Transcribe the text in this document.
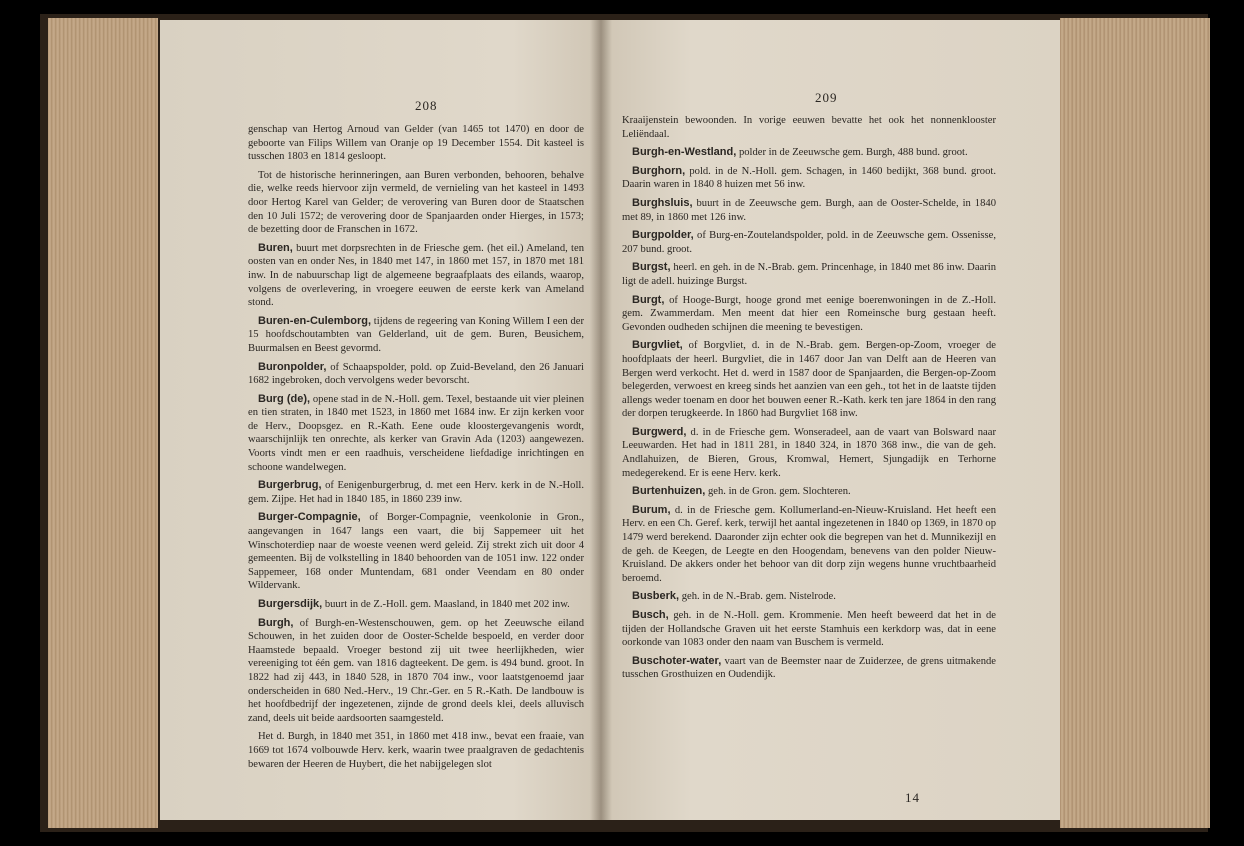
208

genschap van Hertog Arnoud van Gelder (van 1465 tot 1470) en door de geboorte van Filips Willem van Oranje op 19 December 1554. Dit kasteel is tusschen 1803 en 1814 gesloopt.

Tot de historische herinneringen, aan Buren verbonden, behooren, behalve die, welke reeds hiervoor zijn vermeld, de vernieling van het kasteel in 1493 door Hertog Karel van Gelder; de verovering van Buren door de Staatschen den 10 Juli 1572; de verovering door de Spanjaarden onder Hierges, in 1573; de bezetting door de Franschen in 1672.

Buren, buurt met dorpsrechten in de Friesche gem. (het eil.) Ameland, ten oosten van en onder Nes, in 1840 met 147, in 1860 met 157, in 1870 met 181 inw. In de nabuurschap ligt de algemeene begraafplaats des eilands, waarop, volgens de overlevering, in vroegere eeuwen de eerste kerk van Ameland stond.

Buren-en-Culemborg, tijdens de regeering van Koning Willem I een der 15 hoofdschoutambten van Gelderland, uit de gem. Buren, Beusichem, Buurmalsen en Beest gevormd.

Buronpolder, of Schaapspolder, pold. op Zuid-Beveland, den 26 Januari 1682 ingebroken, doch vervolgens weder bevorscht.

Burg (de), opene stad in de N.-Holl. gem. Texel, bestaande uit vier pleinen en tien straten, in 1840 met 1523, in 1860 met 1684 inw. Er zijn kerken voor de Herv., Doopsgez. en R.-Kath. Eene oude kloostergevangenis wordt, waarschijnlijk ten onrechte, als kerker van Gravin Ada (1203) aangewezen. Voorts vindt men er een raadhuis, verscheidene liefdadige inrichtingen en schoone wandelwegen.

Burgerbrug, of Eenigenburgerbrug, d. met een Herv. kerk in de N.-Holl. gem. Zijpe. Het had in 1840 185, in 1860 239 inw.

Burger-Compagnie, of Borger-Compagnie, veenkolonie in Gron., aangevangen in 1647 langs een vaart, die bij Sappemeer uit het Winschoterdiep naar de woeste veenen werd geleid. Zij strekt zich uit door 4 gemeenten. Bij de volkstelling in 1840 behoorden van de 1051 inw. 122 onder Sappemeer, 168 onder Muntendam, 681 onder Veendam en 80 onder Wildervank.

Burgersdijk, buurt in de Z.-Holl. gem. Maasland, in 1840 met 202 inw.

Burgh, of Burgh-en-Westenschouwen, gem. op het Zeeuwsche eiland Schouwen, in het zuiden door de Ooster-Schelde bespoeld, en verder door Haamstede bepaald. Vroeger bestond zij uit twee heerlijkheden, wier vereeniging tot één gem. van 1816 dagteekent. De gem. is 494 bund. groot. In 1822 had zij 443, in 1840 528, in 1870 704 inw., voor laatstgenoemd jaar onderscheiden in 680 Ned.-Herv., 19 Chr.-Ger. en 5 R.-Kath. De landbouw is het hoofdbedrijf der ingezetenen, zijnde de grond deels klei, deels alluvisch zand, deels uit beide aardsoorten saamgesteld.

Het d. Burgh, in 1840 met 351, in 1860 met 418 inw., bevat een fraaie, van 1669 tot 1674 volbouwde Herv. kerk, waarin twee praalgraven de gedachtenis bewaren der Heeren de Huybert, die het nabijgelegen slot

209

Kraaijenstein bewoonden. In vorige eeuwen bevatte het ook het nonnenklooster Leliëndaal.

Burgh-en-Westland, polder in de Zeeuwsche gem. Burgh, 488 bund. groot.

Burghorn, pold. in de N.-Holl. gem. Schagen, in 1460 bedijkt, 368 bund. groot. Daarin waren in 1840 8 huizen met 56 inw.

Burghsluis, buurt in de Zeeuwsche gem. Burgh, aan de Ooster-Schelde, in 1840 met 89, in 1860 met 126 inw.

Burgpolder, of Burg-en-Zoutelandspolder, pold. in de Zeeuwsche gem. Ossenisse, 207 bund. groot.

Burgst, heerl. en geh. in de N.-Brab. gem. Princenhage, in 1840 met 86 inw. Daarin ligt de adell. huizinge Burgst.

Burgt, of Hooge-Burgt, hooge grond met eenige boerenwoningen in de Z.-Holl. gem. Zwammerdam. Men meent dat hier een Romeinsche burg gestaan heeft. Gevonden oudheden schijnen die meening te bevestigen.

Burgvliet, of Borgvliet, d. in de N.-Brab. gem. Bergen-op-Zoom, vroeger de hoofdplaats der heerl. Burgvliet, die in 1467 door Jan van Delft aan de Heeren van Bergen werd verkocht. Het d. werd in 1587 door de Spanjaarden, die Bergen-op-Zoom belegerden, verwoest en kreeg sinds het aanzien van een geh., tot het in de laatste tijden allengs weder toenam en door het bouwen eener R.-Kath. kerk ten jare 1864 in den rang der dorpen terugkeerde. In 1860 had Burgvliet 168 inw.

Burgwerd, d. in de Friesche gem. Wonseradeel, aan de vaart van Bolsward naar Leeuwarden. Het had in 1811 281, in 1840 324, in 1870 368 inw., die van de geh. Andlahuizen, de Bieren, Grous, Kromwal, Hemert, Sjungadijk en Terhorne medegerekend. Er is eene Herv. kerk.

Burtenhuizen, geh. in de Gron. gem. Slochteren.

Burum, d. in de Friesche gem. Kollumerland-en-Nieuw-Kruisland. Het heeft een Herv. en een Ch. Geref. kerk, terwijl het aantal ingezetenen in 1840 op 1369, in 1870 op 1479 werd berekend. Daaronder zijn echter ook die begrepen van het d. Munnikezijl en de geh. de Keegen, de Leegte en den Hoogendam, benevens van den polder Nieuw-Kruisland. De akkers onder het behoor van dit dorp zijn wegens hunne vruchtbaarheid beroemd.

Busberk, geh. in de N.-Brab. gem. Nistelrode.

Busch, geh. in de N.-Holl. gem. Krommenie. Men heeft beweerd dat het in de tijden der Hollandsche Graven uit het eerste Stamhuis een kerkdorp was, dat in eene oorkonde van 1083 onder den naam van Buschem is vermeld.

Buschoter-water, vaart van de Beemster naar de Zuiderzee, de grens uitmakende tusschen Grosthuizen en Oudendijk.

14
